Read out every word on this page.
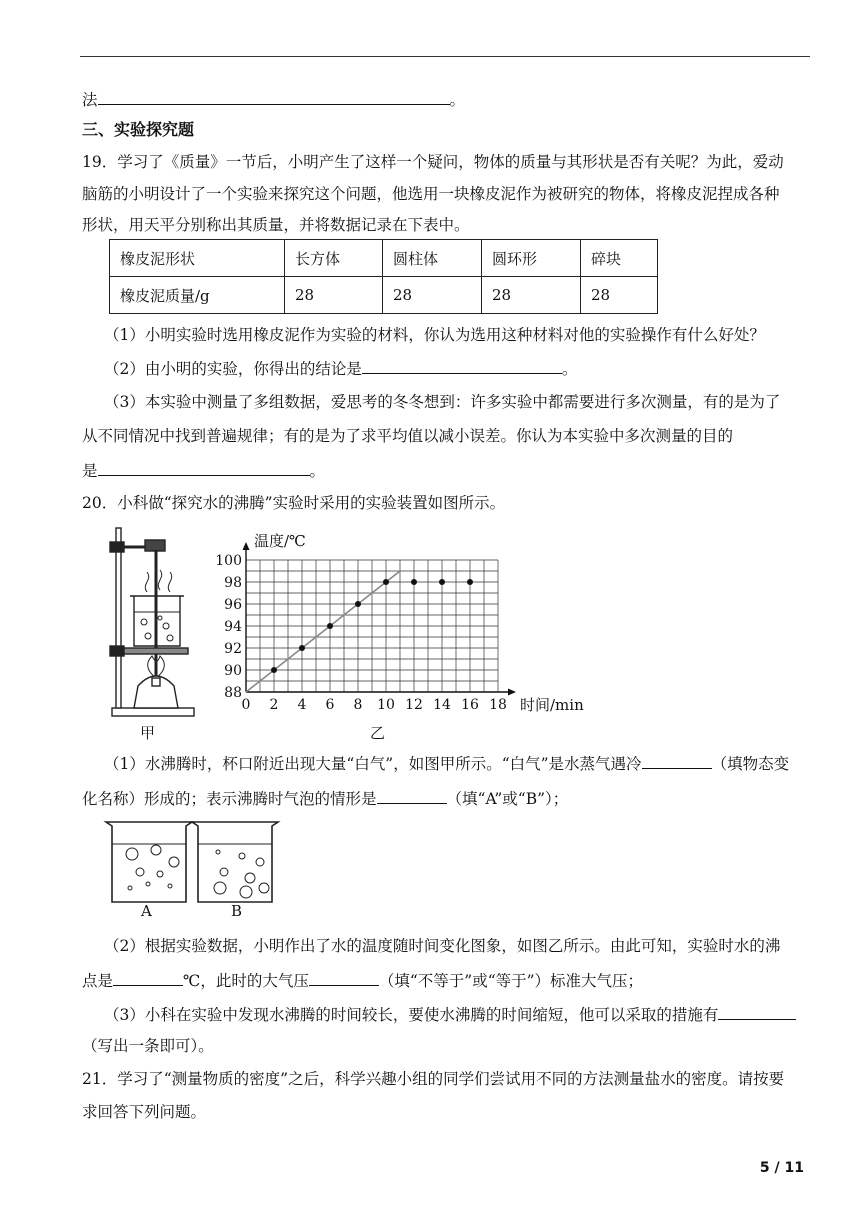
法	。
三、实验探究题
19．学习了《质量》一节后，小明产生了这样一个疑问，物体的质量与其形状是否有关呢？为此，爱动
脑筋的小明设计了一个实验来探究这个问题，他选用一块橡皮泥作为被研究的物体，将橡皮泥捏成各种
形状，用天平分别称出其质量，并将数据记录在下表中。
橡皮泥形状	长方体	圆柱体	圆环形	碎块
橡皮泥质量/g	28	28	28	28
（1）小明实验时选用橡皮泥作为实验的材料，你认为选用这种材料对他的实验操作有什么好处？
（2）由小明的实验，你得出的结论是	。
（3）本实验中测量了多组数据，爱思考的冬冬想到：许多实验中都需要进行多次测量，有的是为了
从不同情况中找到普遍规律；有的是为了求平均值以减小误差。你认为本实验中多次测量的目的
是	。
20．小科做“探究水的沸腾”实验时采用的实验装置如图所示。
甲
0 2 4 6 8 10 12 14 16 18
88
90
92
94
96
98
100
温度/℃
时间/min
乙
（1）水沸腾时，杯口附近出现大量“白气”，如图甲所示。“白气”是水蒸气遇冷	（填物态变
化名称）形成的；表示沸腾时气泡的情形是	（填“A”或“B”）；
A	B
（2）根据实验数据，小明作出了水的温度随时间变化图象，如图乙所示。由此可知，实验时水的沸
点是	℃，此时的大气压	（填“不等于”或“等于”）标准大气压；
（3）小科在实验中发现水沸腾的时间较长，要使水沸腾的时间缩短，他可以采取的措施有
（写出一条即可）。
21．学习了“测量物质的密度”之后，科学兴趣小组的同学们尝试用不同的方法测量盐水的密度。请按要
求回答下列问题。
5 / 11
